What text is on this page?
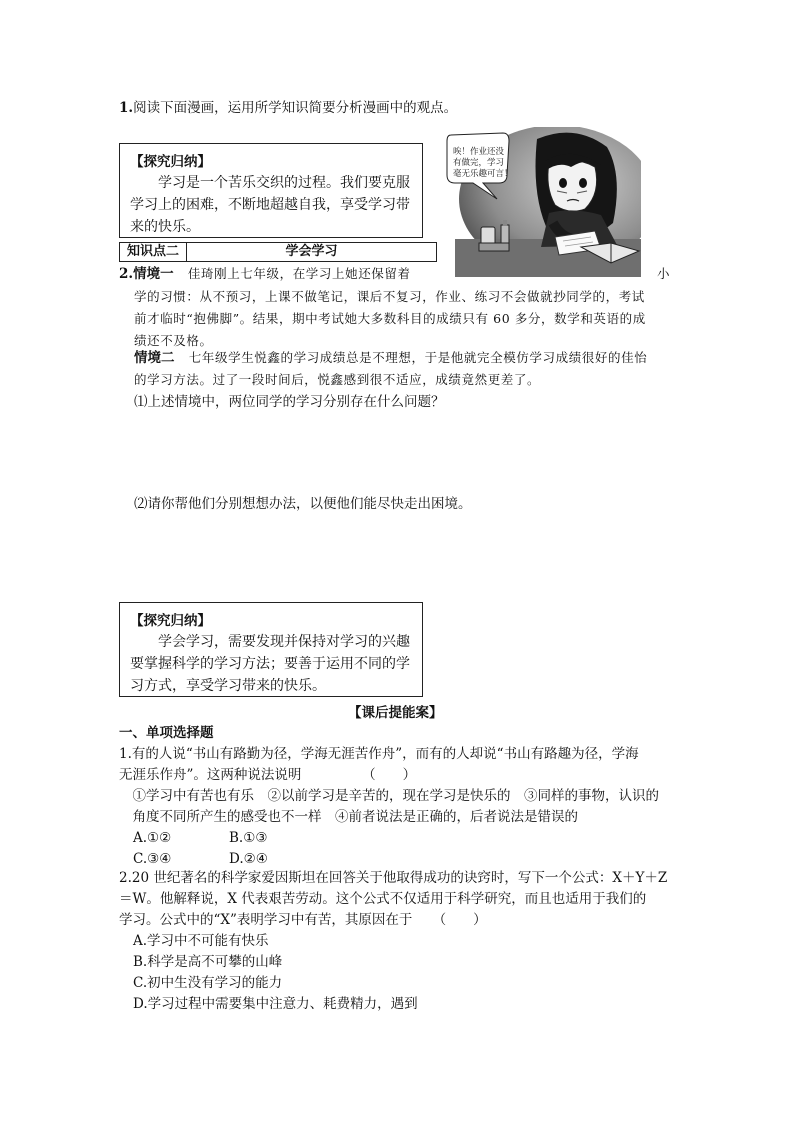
1.阅读下面漫画，运用所学知识简要分析漫画中的观点。
【探究归纳】
　　学习是一个苦乐交织的过程。我们要克服
学习上的困难，不断地超越自我，享受学习带
来的快乐。
唉！作业还没
有做完，学习
毫无乐趣可言！
知识点二	学会学习
2.情境一 佳琦刚上七年级，在学习上她还保留着	小
学的习惯：从不预习，上课不做笔记，课后不复习，作业、练习不会做就抄同学的，考试
前才临时“抱佛脚”。结果，期中考试她大多数科目的成绩只有 60 多分，数学和英语的成
绩还不及格。
情境二 七年级学生悦鑫的学习成绩总是不理想，于是他就完全模仿学习成绩很好的佳怡
的学习方法。过了一段时间后，悦鑫感到很不适应，成绩竟然更差了。
⑴上述情境中，两位同学的学习分别存在什么问题？
⑵请你帮他们分别想想办法，以便他们能尽快走出困境。
【探究归纳】
　　学会学习，需要发现并保持对学习的兴趣
要掌握科学的学习方法；要善于运用不同的学
习方式，享受学习带来的快乐。
【课后提能案】
一、单项选择题
1.有的人说“书山有路勤为径，学海无涯苦作舟”，而有的人却说“书山有路趣为径，学海
无涯乐作舟”。这两种说法说明　　　　　（　　）
　①学习中有苦也有乐　②以前学习是辛苦的，现在学习是快乐的　③同样的事物，认识的
　角度不同所产生的感受也不一样　④前者说法是正确的，后者说法是错误的
A.①②	B.①③
C.③④	D.②④
2.20 世纪著名的科学家爱因斯坦在回答关于他取得成功的诀窍时，写下一个公式：X＋Y＋Z
＝W。他解释说，X 代表艰苦劳动。这个公式不仅适用于科学研究，而且也适用于我们的
学习。公式中的“X”表明学习中有苦，其原因在于　　（　　）
A.学习中不可能有快乐
B.科学是高不可攀的山峰
C.初中生没有学习的能力
D.学习过程中需要集中注意力、耗费精力，遇到
